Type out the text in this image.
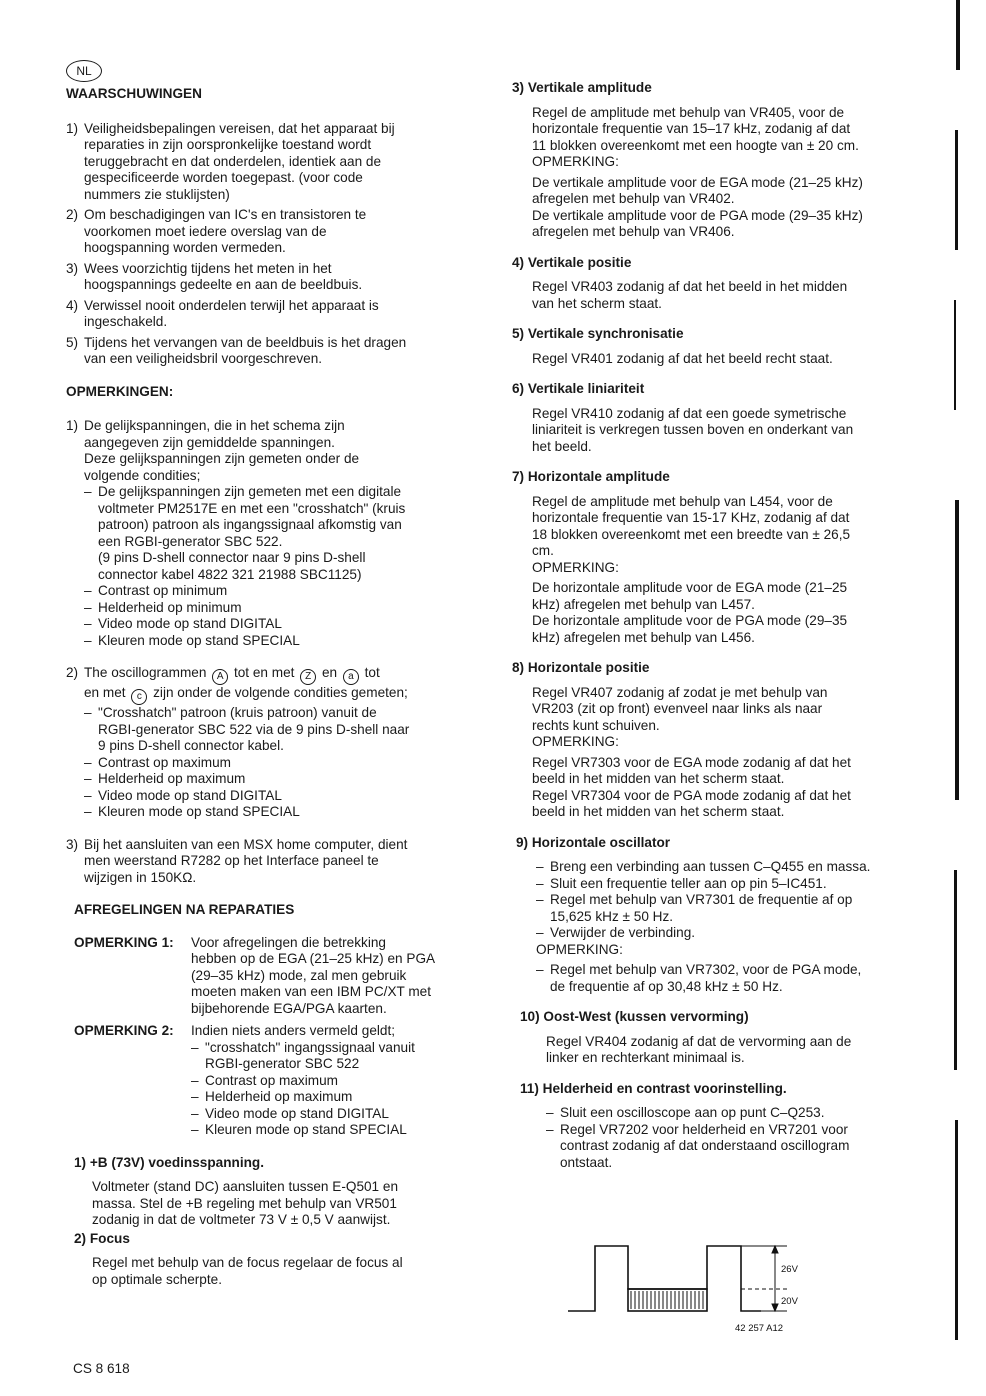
NL
WAARSCHUWINGEN
1) Veiligheidsbepalingen vereisen, dat het apparaat bij
reparaties in zijn oorspronkelijke toestand wordt
teruggebracht en dat onderdelen, identiek aan de
gespecificeerde worden toegepast. (voor code
nummers zie stuklijsten)
2) Om beschadigingen van IC's en transistoren te
voorkomen moet iedere overslag van de
hoogspanning worden vermeden.
3) Wees voorzichtig tijdens het meten in het
hoogspannings gedeelte en aan de beeldbuis.
4) Verwissel nooit onderdelen terwijl het apparaat is
ingeschakeld.
5) Tijdens het vervangen van de beeldbuis is het dragen
van een veiligheidsbril voorgeschreven.
OPMERKINGEN:
1) De gelijkspanningen, die in het schema zijn
aangegeven zijn gemiddelde spanningen.
Deze gelijkspanningen zijn gemeten onder de
volgende condities;
– De gelijkspanningen zijn gemeten met een digitale
voltmeter PM2517E en met een "crosshatch" (kruis
patroon) patroon als ingangssignaal afkomstig van
een RGBI-generator SBC 522.
(9 pins D-shell connector naar 9 pins D-shell
connector kabel 4822 321 21988 SBC1125)
– Contrast op minimum
– Helderheid op minimum
– Video mode op stand DIGITAL
– Kleuren mode op stand SPECIAL
2) The oscillogrammen A tot en met Z en a tot
en met c zijn onder de volgende condities gemeten;
– "Crosshatch" patroon (kruis patroon) vanuit de
RGBI-generator SBC 522 via de 9 pins D-shell naar
9 pins D-shell connector kabel.
– Contrast op maximum
– Helderheid op maximum
– Video mode op stand DIGITAL
– Kleuren mode op stand SPECIAL
3) Bij het aansluiten van een MSX home computer, dient
men weerstand R7282 op het Interface paneel te
wijzigen in 150KΩ.
AFREGELINGEN NA REPARATIES
OPMERKING 1:	Voor afregelingen die betrekking
hebben op de EGA (21–25 kHz) en PGA
(29–35 kHz) mode, zal men gebruik
moeten maken van een IBM PC/XT met
bijbehorende EGA/PGA kaarten.
OPMERKING 2:	Indien niets anders vermeld geldt;
– "crosshatch" ingangssignaal vanuit
RGBI-generator SBC 522
– Contrast op maximum
– Helderheid op maximum
– Video mode op stand DIGITAL
– Kleuren mode op stand SPECIAL
1) +B (73V) voedinsspanning.
Voltmeter (stand DC) aansluiten tussen E-Q501 en
massa. Stel de +B regeling met behulp van VR501
zodanig in dat de voltmeter 73 V ± 0,5 V aanwijst.
2) Focus
Regel met behulp van de focus regelaar de focus al
op optimale scherpte.
CS 8 618
3) Vertikale amplitude
Regel de amplitude met behulp van VR405, voor de
horizontale frequentie van 15–17 kHz, zodanig af dat
11 blokken overeenkomt met een hoogte van ± 20 cm.
OPMERKING:
De vertikale amplitude voor de EGA mode (21–25 kHz)
afregelen met behulp van VR402.
De vertikale amplitude voor de PGA mode (29–35 kHz)
afregelen met behulp van VR406.
4) Vertikale positie
Regel VR403 zodanig af dat het beeld in het midden
van het scherm staat.
5) Vertikale synchronisatie
Regel VR401 zodanig af dat het beeld recht staat.
6) Vertikale liniariteit
Regel VR410 zodanig af dat een goede symetrische
liniariteit is verkregen tussen boven en onderkant van
het beeld.
7) Horizontale amplitude
Regel de amplitude met behulp van L454, voor de
horizontale frequentie van 15-17 KHz, zodanig af dat
18 blokken overeenkomt met een breedte van ± 26,5
cm.
OPMERKING:
De horizontale amplitude voor de EGA mode (21–25
kHz) afregelen met behulp van L457.
De horizontale amplitude voor de PGA mode (29–35
kHz) afregelen met behulp van L456.
8) Horizontale positie
Regel VR407 zodanig af zodat je met behulp van
VR203 (zit op front) evenveel naar links als naar
rechts kunt schuiven.
OPMERKING:
Regel VR7303 voor de EGA mode zodanig af dat het
beeld in het midden van het scherm staat.
Regel VR7304 voor de PGA mode zodanig af dat het
beeld in het midden van het scherm staat.
9) Horizontale oscillator
– Breng een verbinding aan tussen C–Q455 en massa.
– Sluit een frequentie teller aan op pin 5–IC451.
– Regel met behulp van VR7301 de frequentie af op
15,625 kHz ± 50 Hz.
– Verwijder de verbinding.
OPMERKING:
– Regel met behulp van VR7302, voor de PGA mode,
de frequentie af op 30,48 kHz ± 50 Hz.
10) Oost-West (kussen vervorming)
Regel VR404 zodanig af dat de vervorming aan de
linker en rechterkant minimaal is.
11) Helderheid en contrast voorinstelling.
– Sluit een oscilloscope aan op punt C–Q253.
– Regel VR7202 voor helderheid en VR7201 voor
contrast zodanig af dat onderstaand oscillogram
ontstaat.
26V
20V
42 257 A12
